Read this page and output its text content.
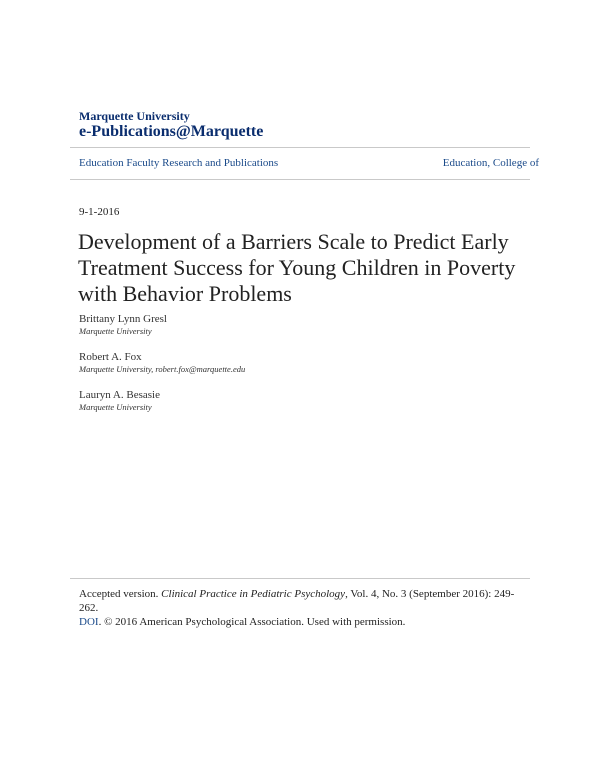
Marquette University
e-Publications@Marquette
Education Faculty Research and Publications	Education, College of
9-1-2016
Development of a Barriers Scale to Predict Early Treatment Success for Young Children in Poverty with Behavior Problems
Brittany Lynn Gresl
Marquette University
Robert A. Fox
Marquette University, robert.fox@marquette.edu
Lauryn A. Besasie
Marquette University
Accepted version. Clinical Practice in Pediatric Psychology, Vol. 4, No. 3 (September 2016): 249-262.
DOI. © 2016 American Psychological Association. Used with permission.
